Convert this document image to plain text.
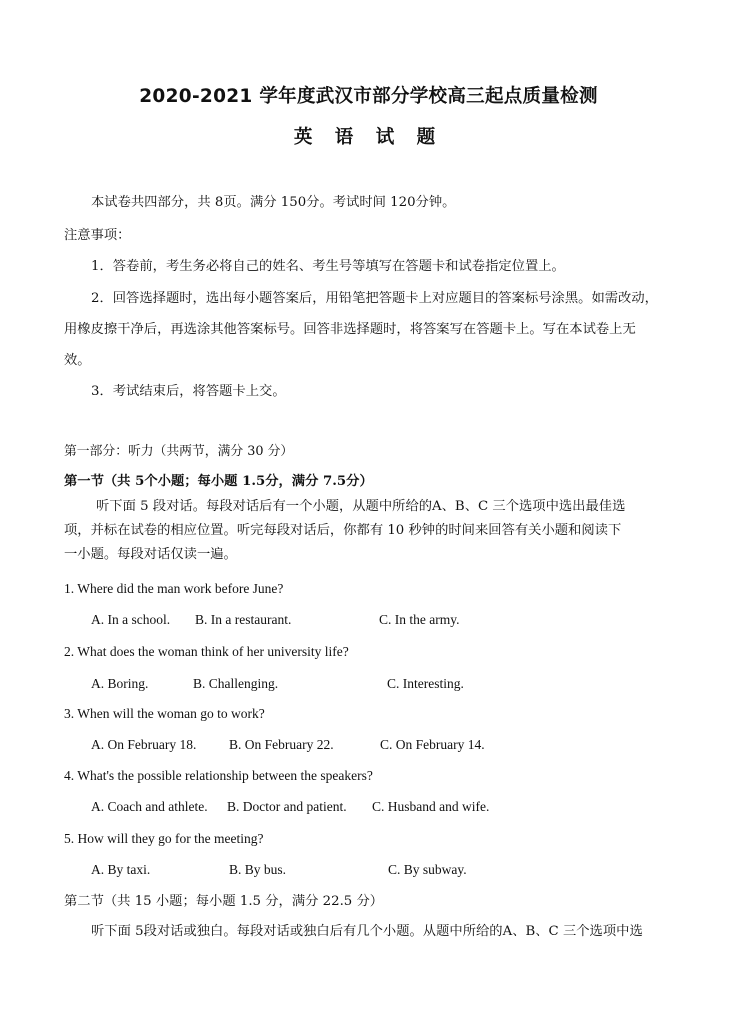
2020-2021 学年度武汉市部分学校高三起点质量检测
英 语 试 题
本试卷共四部分，共 8页。满分 150分。考试时间 120分钟。
注意事项：
1．答卷前，考生务必将自己的姓名、考生号等填写在答题卡和试卷指定位置上。
2．回答选择题时，选出每小题答案后，用铅笔把答题卡上对应题目的答案标号涂黑。如需改动，
用橡皮擦干净后，再选涂其他答案标号。回答非选择题时，将答案写在答题卡上。写在本试卷上无
效。
3．考试结束后，将答题卡上交。
第一部分：听力（共两节，满分 30 分）
第一节（共 5个小题；每小题 1.5分，满分 7.5分）
听下面 5 段对话。每段对话后有一个小题，从题中所给的A、B、C 三个选项中选出最佳选
项，并标在试卷的相应位置。听完每段对话后，你都有 10 秒钟的时间来回答有关小题和阅读下
一小题。每段对话仅读一遍。
1. Where did the man work before June?
A. In a school. B. In a restaurant.	C. In the army.
2. What does the woman think of her university life?
A. Boring.	B. Challenging.	C. Interesting.
3. When will the woman go to work?
A. On February 18. B. On February 22.	C. On February 14.
4. What's the possible relationship between the speakers?
A. Coach and athlete. B. Doctor and patient. C. Husband and wife.
5. How will they go for the meeting?
A. By taxi.	B. By bus.	C. By subway.
第二节（共 15 小题；每小题 1.5 分，满分 22.5 分）
听下面 5段对话或独白。每段对话或独白后有几个小题。从题中所给的A、B、C 三个选项中选
